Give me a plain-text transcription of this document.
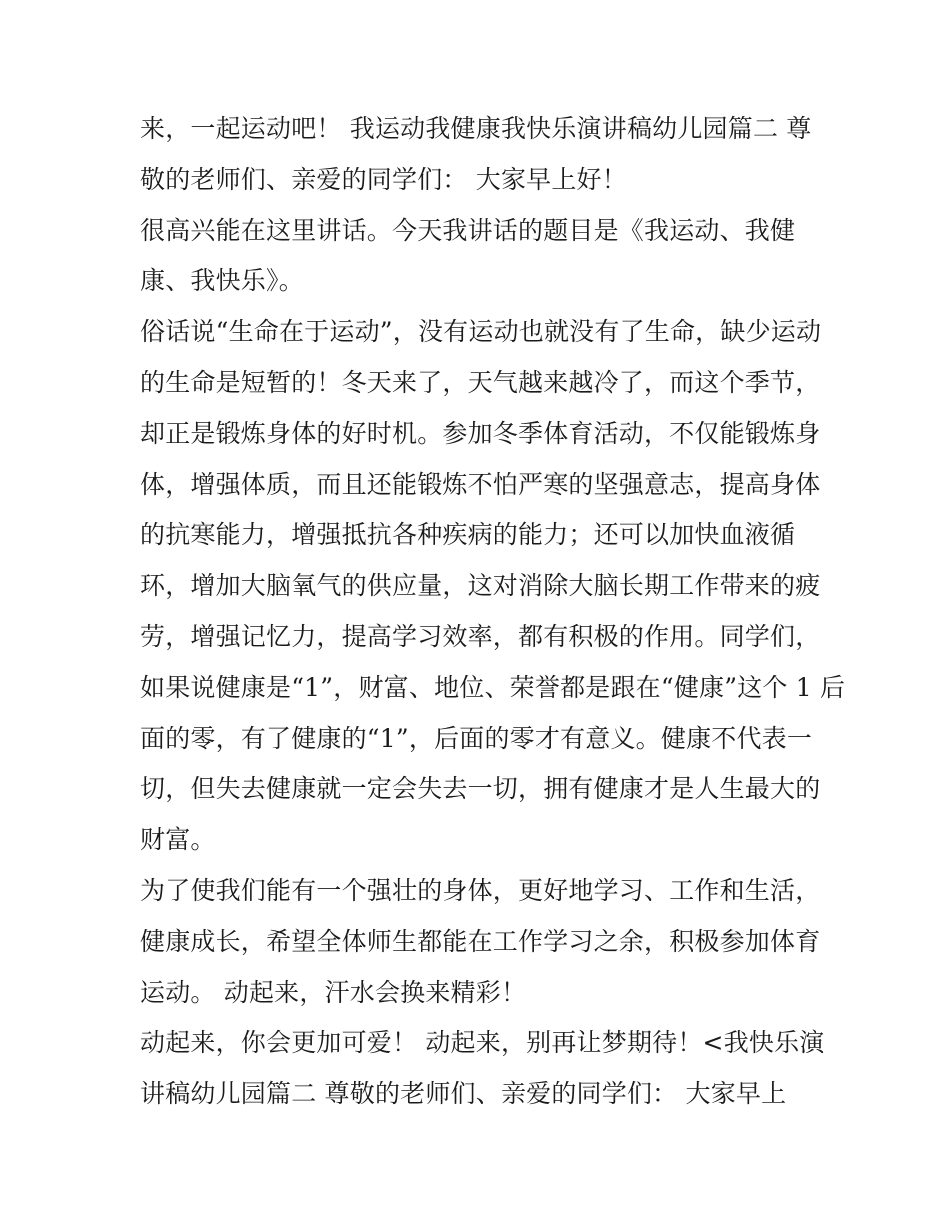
来，一起运动吧！ 我运动我健康我快乐演讲稿幼儿园篇二 尊
敬的老师们、亲爱的同学们： 大家早上好！
很高兴能在这里讲话。今天我讲话的题目是《我运动、我健
康、我快乐》。
俗话说“生命在于运动”，没有运动也就没有了生命，缺少运动
的生命是短暂的！冬天来了，天气越来越冷了，而这个季节，
却正是锻炼身体的好时机。参加冬季体育活动，不仅能锻炼身
体，增强体质，而且还能锻炼不怕严寒的坚强意志，提高身体
的抗寒能力，增强抵抗各种疾病的能力；还可以加快血液循
环，增加大脑氧气的供应量，这对消除大脑长期工作带来的疲
劳，增强记忆力，提高学习效率，都有积极的作用。同学们，
如果说健康是“1”，财富、地位、荣誉都是跟在“健康”这个 1 后
面的零，有了健康的“1”，后面的零才有意义。健康不代表一
切，但失去健康就一定会失去一切，拥有健康才是人生最大的
财富。
为了使我们能有一个强壮的身体，更好地学习、工作和生活，
健康成长，希望全体师生都能在工作学习之余，积极参加体育
运动。 动起来，汗水会换来精彩！
动起来，你会更加可爱！ 动起来，别再让梦期待！<我快乐演
讲稿幼儿园篇二 尊敬的老师们、亲爱的同学们： 大家早上
